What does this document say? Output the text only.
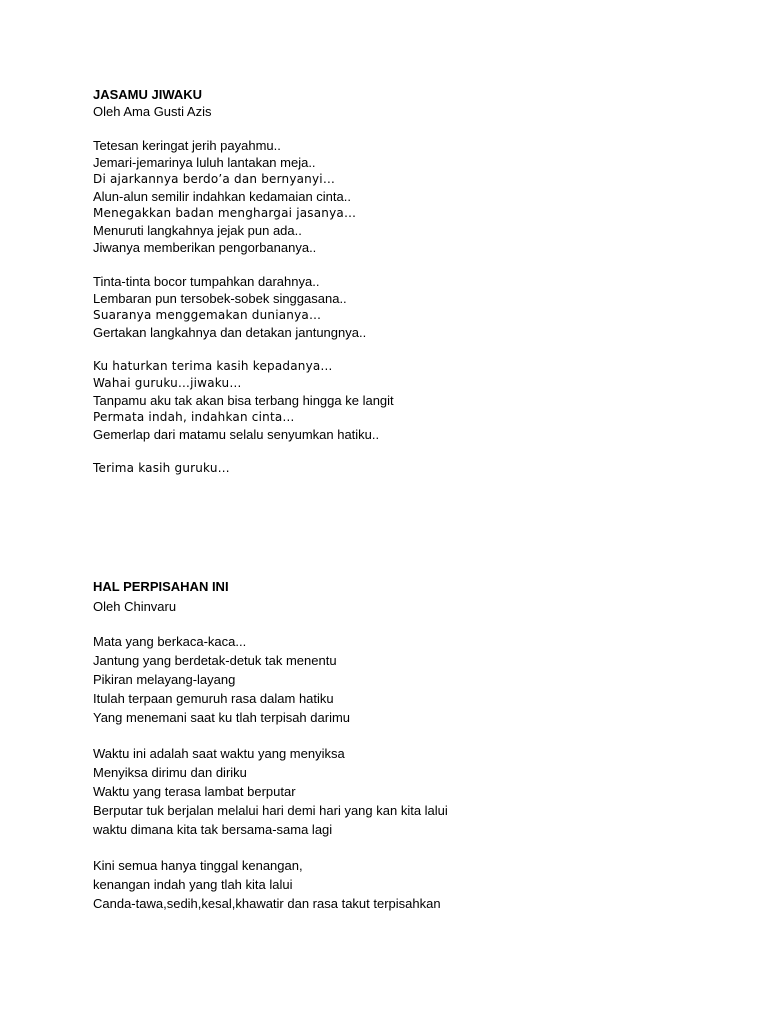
JASAMU JIWAKU
Oleh Ama Gusti Azis
Tetesan keringat jerih payahmu..
Jemari-jemarinya luluh lantakan meja..
Di ajarkannya berdo’a dan bernyanyi…
Alun-alun semilir indahkan kedamaian cinta..
Menegakkan badan menghargai jasanya…
Menuruti langkahnya jejak pun ada..
Jiwanya memberikan pengorbananya..
Tinta-tinta bocor tumpahkan darahnya..
Lembaran pun tersobek-sobek singgasana..
Suaranya menggemakan dunianya…
Gertakan langkahnya dan detakan jantungnya..
Ku haturkan terima kasih kepadanya…
Wahai guruku…jiwaku…
Tanpamu aku tak akan bisa terbang hingga ke langit
Permata indah, indahkan cinta…
Gemerlap dari matamu selalu senyumkan hatiku..
Terima kasih guruku…
HAL PERPISAHAN INI
Oleh Chinvaru
Mata yang berkaca-kaca...
Jantung yang berdetak-detuk tak menentu
Pikiran melayang-layang
Itulah terpaan gemuruh rasa dalam hatiku
Yang menemani saat ku tlah terpisah darimu
Waktu ini adalah saat waktu yang menyiksa
Menyiksa dirimu dan diriku
Waktu yang terasa lambat berputar
Berputar tuk berjalan melalui hari demi hari yang kan kita lalui
waktu dimana kita tak bersama-sama lagi
Kini semua hanya tinggal kenangan,
kenangan indah yang tlah kita lalui
Canda-tawa,sedih,kesal,khawatir dan rasa takut terpisahkan
